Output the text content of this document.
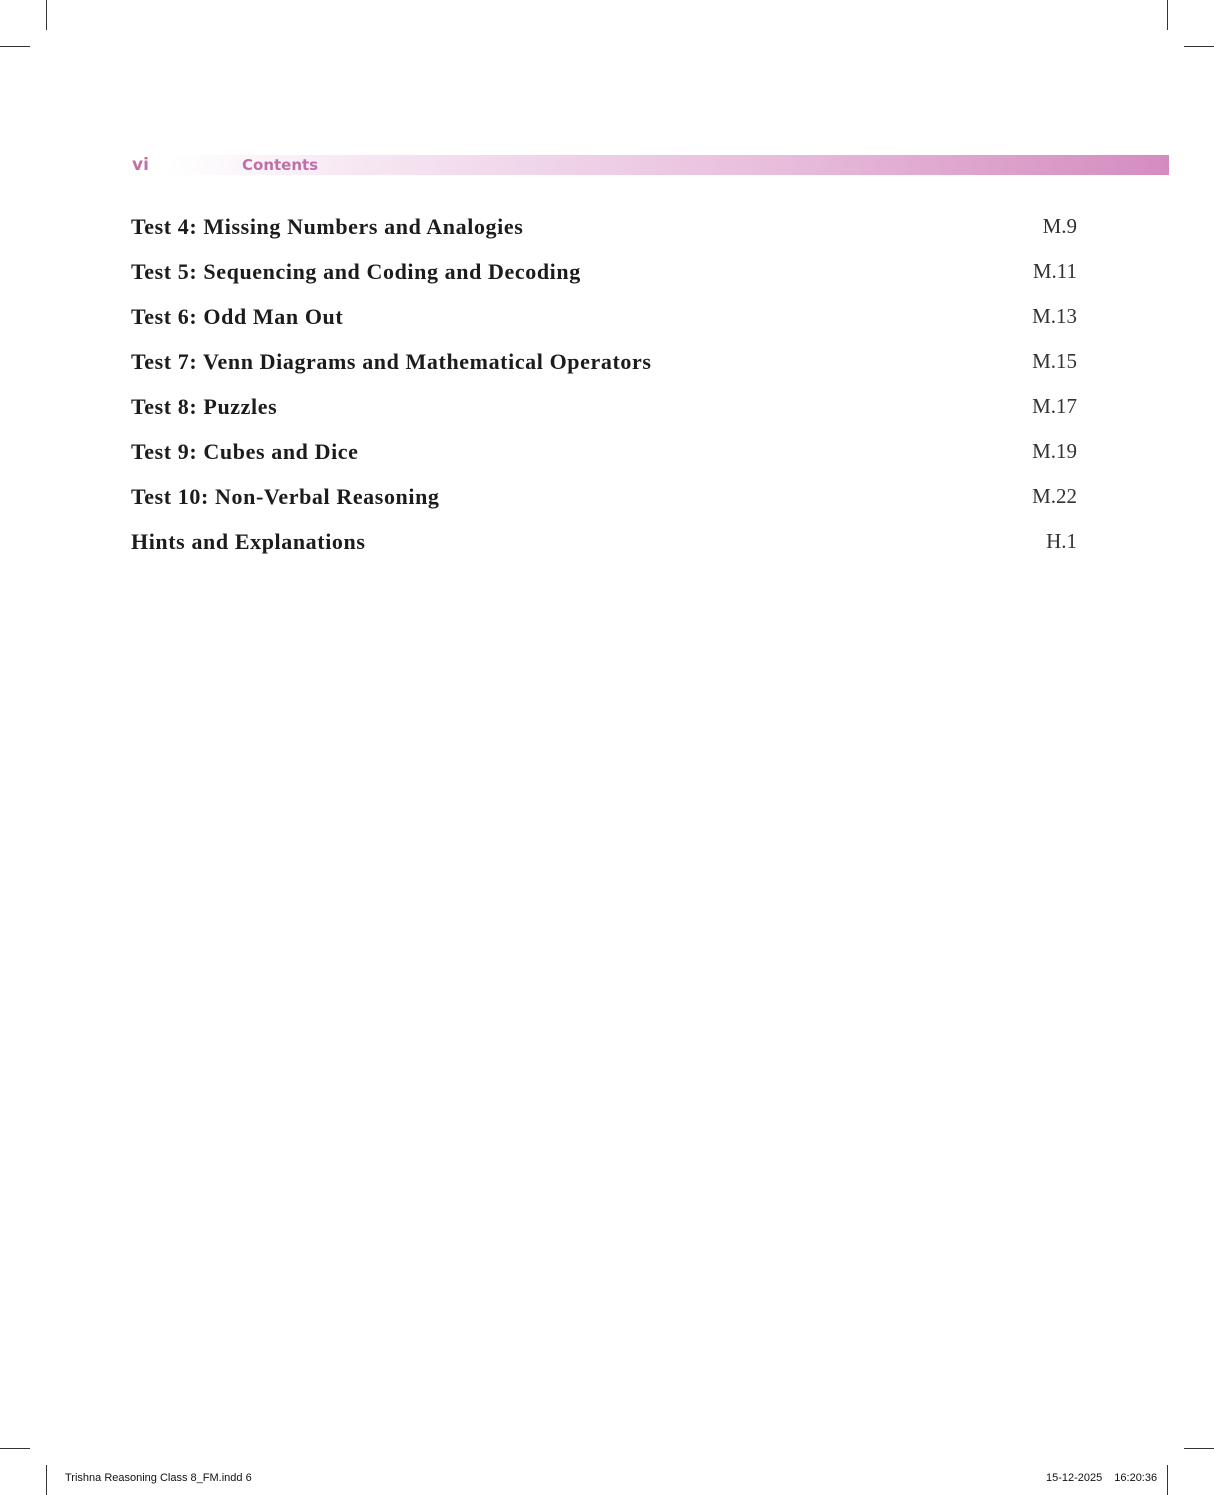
vi	Contents
Test 4: Missing Numbers and Analogies	M.9
Test 5: Sequencing and Coding and Decoding	M.11
Test 6: Odd Man Out	M.13
Test 7: Venn Diagrams and Mathematical Operators	M.15
Test 8: Puzzles	M.17
Test 9: Cubes and Dice	M.19
Test 10: Non-Verbal Reasoning	M.22
Hints and Explanations	H.1
Trishna Reasoning Class 8_FM.indd 6	15-12-2025 16:20:36
